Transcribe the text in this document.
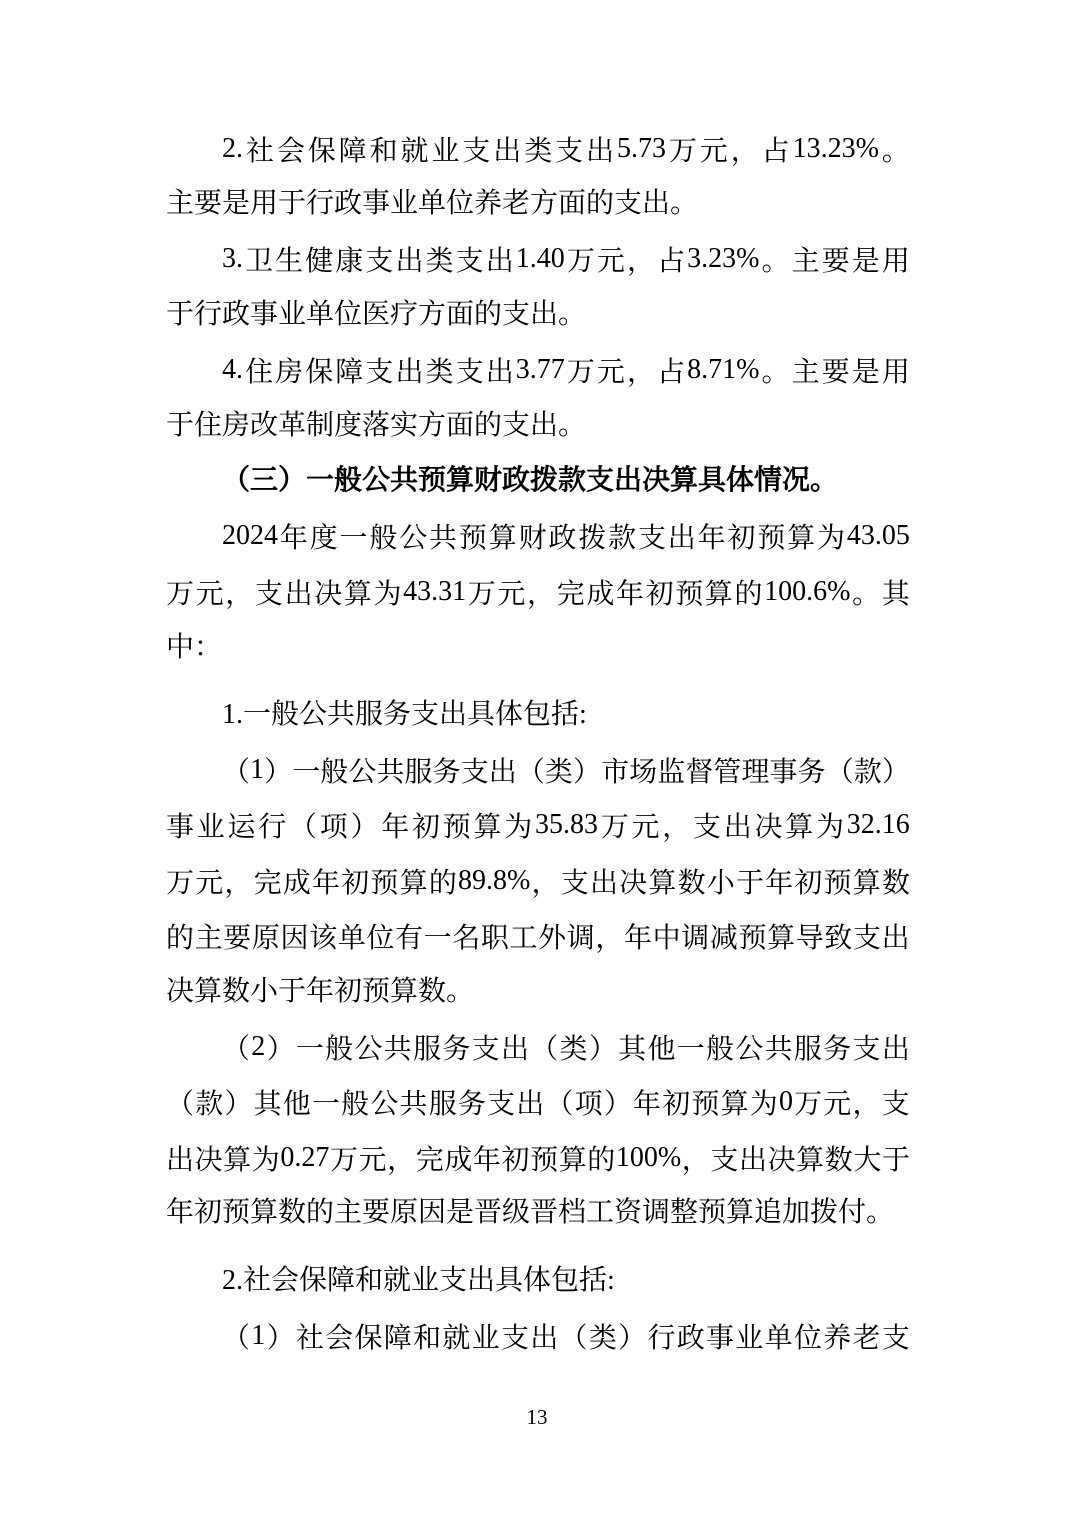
2. 社 会 保 障 和 就 业 支 出 类 支 出 5.73 万 元 ， 占 13.23% 。
主要是用于行政事业单位养老方面的支出。
3. 卫 生 健 康 支 出 类 支 出 1.40 万 元 ， 占 3.23% 。 主 要 是 用
于行政事业单位医疗方面的支出。
4. 住 房 保 障 支 出 类 支 出 3.77 万 元 ， 占 8.71% 。 主 要 是 用
于住房改革制度落实方面的支出。
（三）一般公共预算财政拨款支出决算具体情况。
2024 年 度 一 般 公 共 预 算 财 政 拨 款 支 出 年 初 预 算 为 43.05
万 元 ， 支 出 决 算 为 43.31 万 元 ， 完 成 年 初 预 算 的 100.6% 。 其
中：
1.一般公共服务支出具体包括:
（ 1 ） 一 般 公 共 服 务 支 出 （ 类 ） 市 场 监 督 管 理 事 务 （ 款 ）
事 业 运 行 （ 项 ） 年 初 预 算 为 35.83 万 元 ， 支 出 决 算 为 32.16
万 元 ， 完 成 年 初 预 算 的 89.8% ， 支 出 决 算 数 小 于 年 初 预 算 数
的 主 要 原 因 该 单 位 有 一 名 职 工 外 调 ， 年 中 调 减 预 算 导 致 支 出
决算数小于年初预算数。
（ 2 ） 一 般 公 共 服 务 支 出 （ 类 ） 其 他 一 般 公 共 服 务 支 出
（ 款 ） 其 他 一 般 公 共 服 务 支 出 （ 项 ） 年 初 预 算 为 0 万 元 ， 支
出 决 算 为 0.27 万 元 ， 完 成 年 初 预 算 的 100% ， 支 出 决 算 数 大 于
年初预算数的主要原因是晋级晋档工资调整预算追加拨付。
2.社会保障和就业支出具体包括:
（ 1 ） 社 会 保 障 和 就 业 支 出 （ 类 ） 行 政 事 业 单 位 养 老 支
13
